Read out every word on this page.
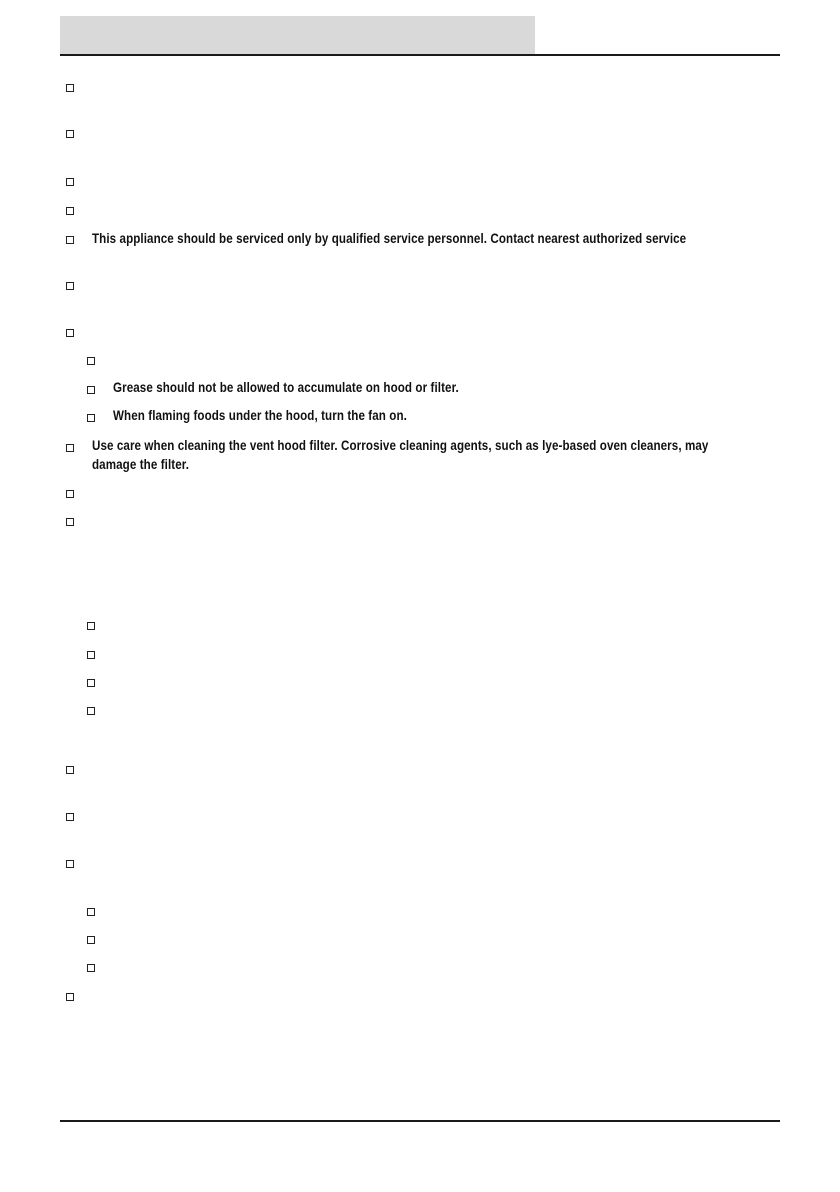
This appliance should be serviced only by qualified service personnel. Contact nearest authorized service
Grease should not be allowed to accumulate on hood or filter.
When flaming foods under the hood, turn the fan on.
Use care when cleaning the vent hood filter. Corrosive cleaning agents, such as lye-based oven cleaners, may
damage the filter.
